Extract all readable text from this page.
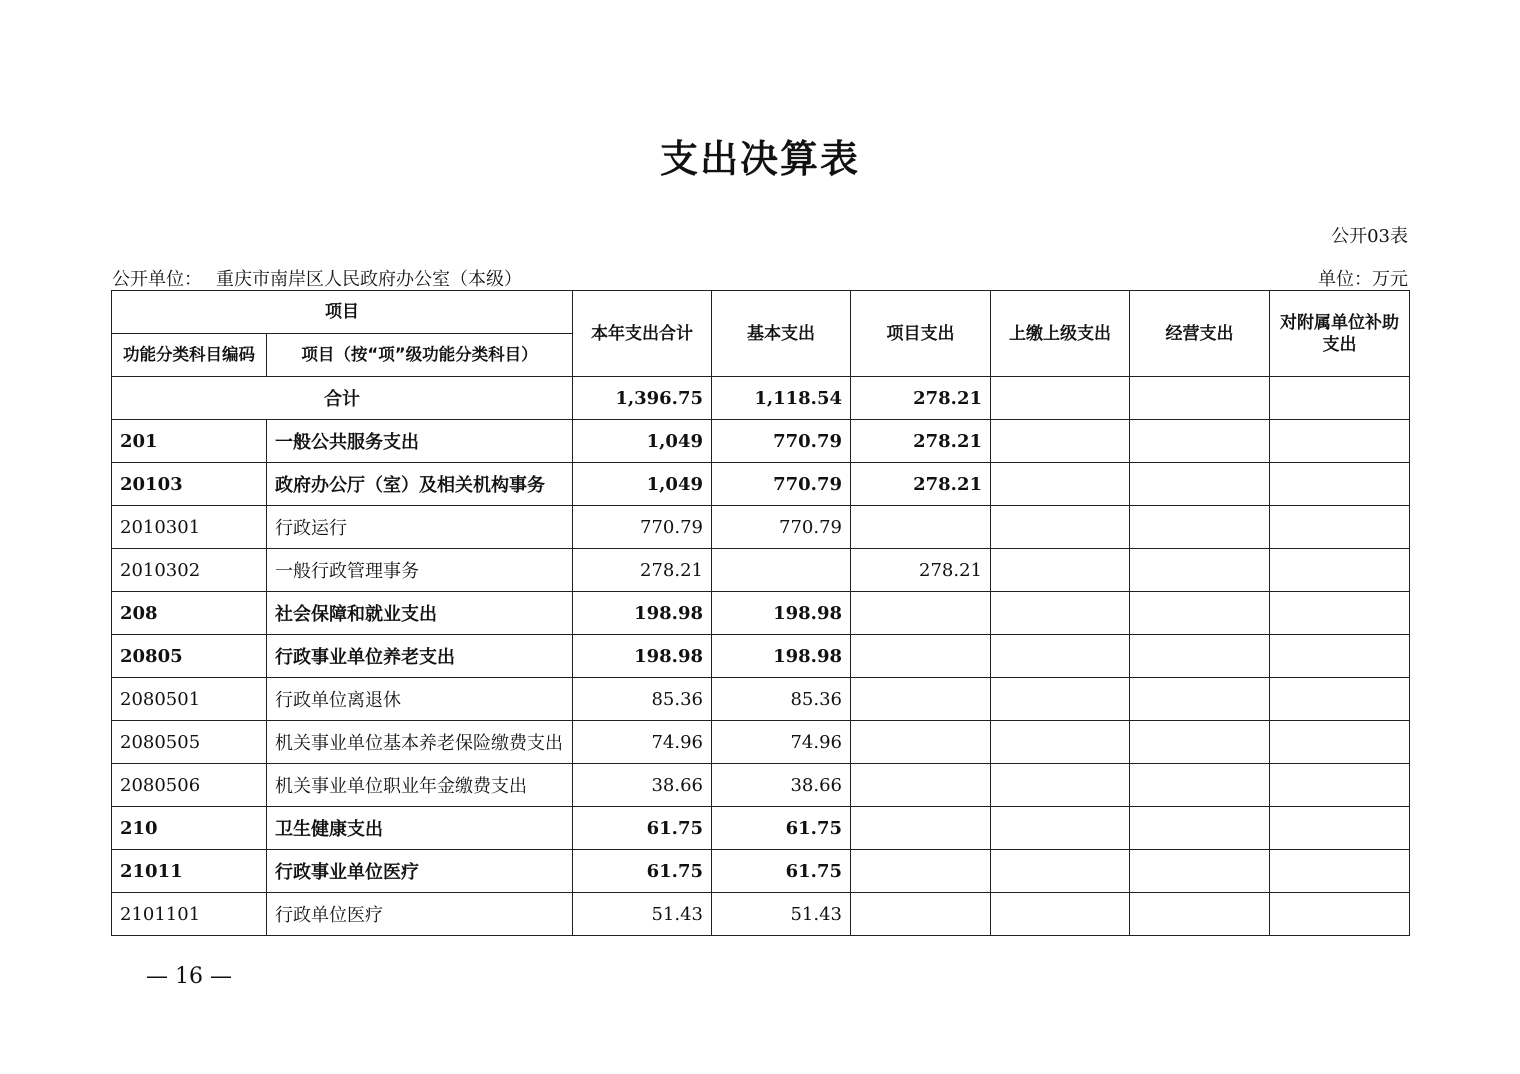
支出决算表
公开03表
公开单位： 重庆市南岸区人民政府办公室（本级）	单位：万元
项目		本年支出合计	基本支出	项目支出	上缴上级支出	经营支出	对附属单位补助支出
功能分类科目编码	项目（按“项”级功能分类科目）						
合计		1,396.75	1,118.54	278.21			
201	一般公共服务支出	1,049	770.79	278.21			
20103	政府办公厅（室）及相关机构事务	1,049	770.79	278.21			
2010301	行政运行	770.79	770.79				
2010302	一般行政管理事务	278.21		278.21			
208	社会保障和就业支出	198.98	198.98				
20805	行政事业单位养老支出	198.98	198.98				
2080501	行政单位离退休	85.36	85.36				
2080505	机关事业单位基本养老保险缴费支出	74.96	74.96				
2080506	机关事业单位职业年金缴费支出	38.66	38.66				
210	卫生健康支出	61.75	61.75				
21011	行政事业单位医疗	61.75	61.75				
2101101	行政单位医疗	51.43	51.43				
— 16 —
